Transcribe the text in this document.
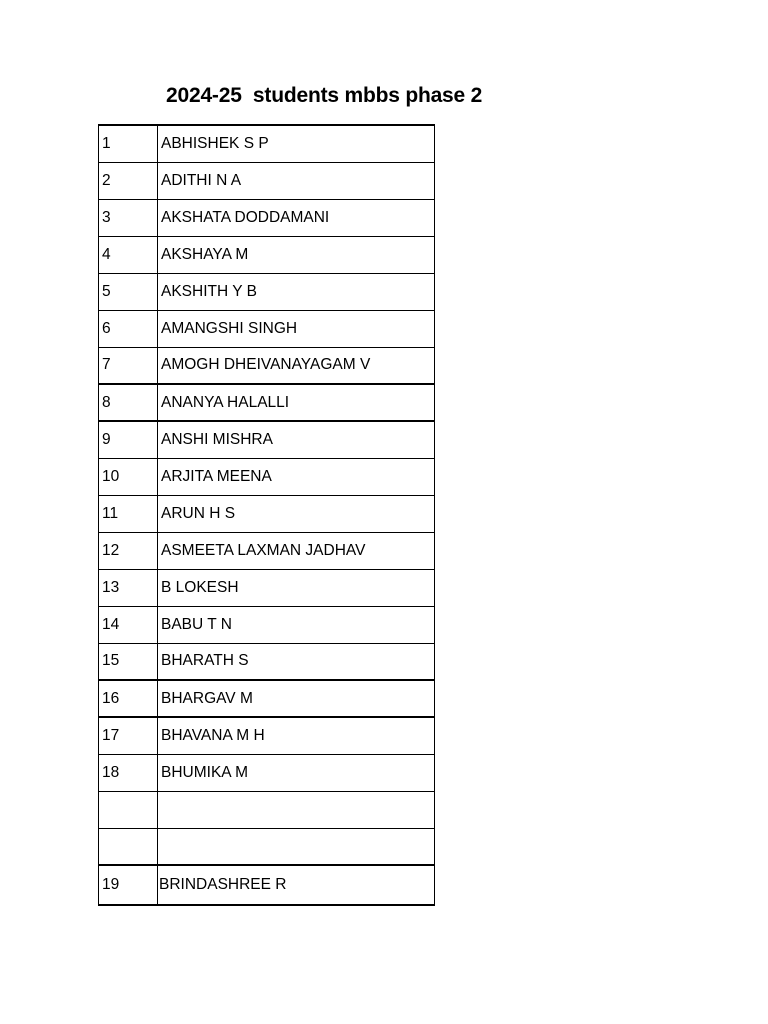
2024-25  students mbbs phase 2
1	ABHISHEK S P
2	ADITHI N A
3	AKSHATA DODDAMANI
4	AKSHAYA M
5	AKSHITH Y B
6	AMANGSHI SINGH
7	AMOGH DHEIVANAYAGAM V
8	ANANYA HALALLI
9	ANSHI MISHRA
10	ARJITA MEENA
11	ARUN H S
12	ASMEETA LAXMAN JADHAV
13	B LOKESH
14	BABU T N
15	BHARATH S
16	BHARGAV M
17	BHAVANA M H
18	BHUMIKA M

19	BRINDASHREE R
